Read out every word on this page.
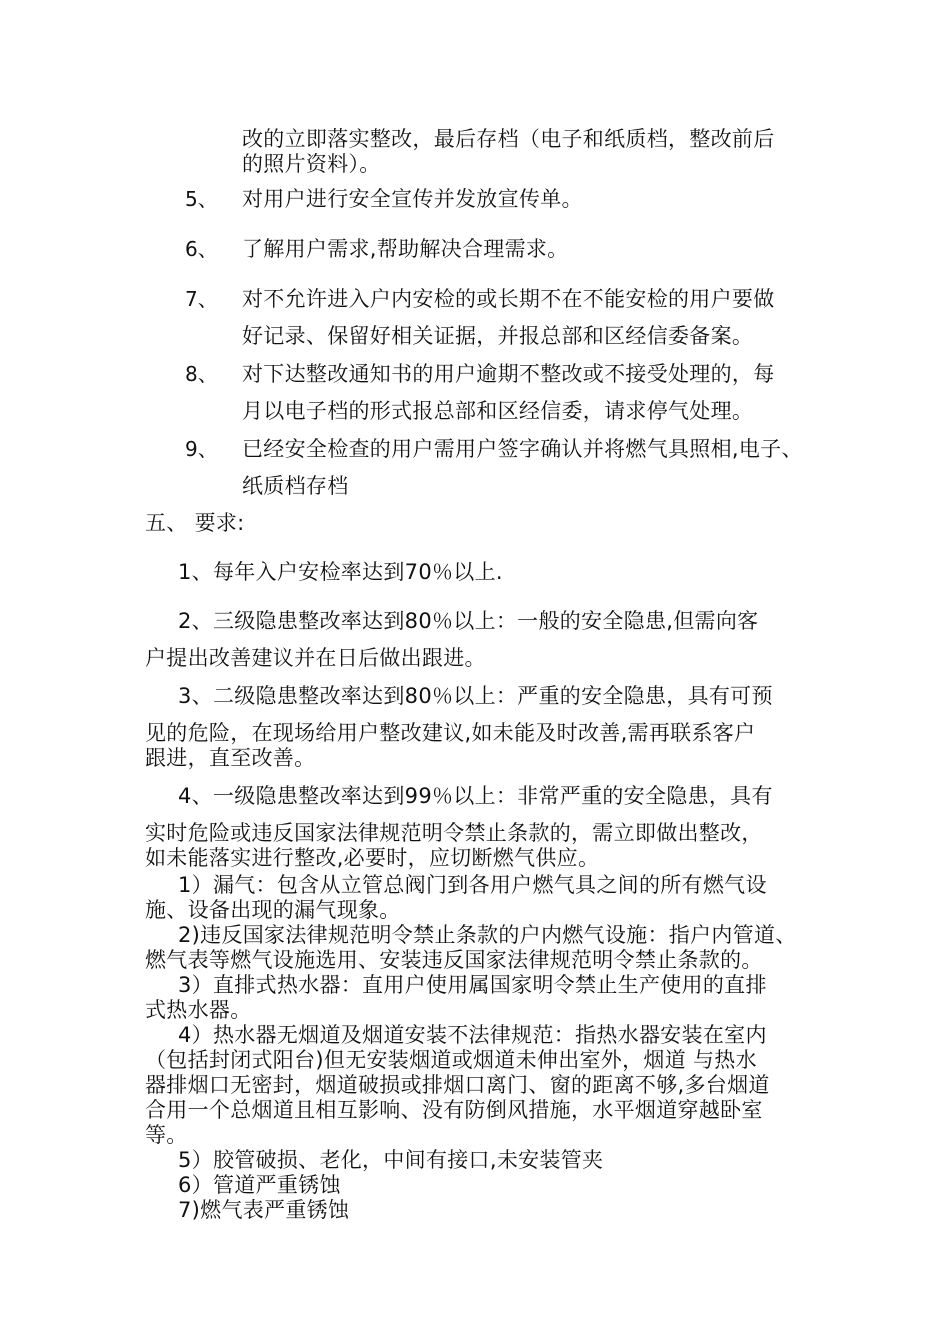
改的立即落实整改，最后存档（电子和纸质档，整改前后
的照片资料）。
5、 对用户进行安全宣传并发放宣传单。
6、 了解用户需求,帮助解决合理需求。
7、 对不允许进入户内安检的或长期不在不能安检的用户要做
好记录、保留好相关证据，并报总部和区经信委备案。
8、 对下达整改通知书的用户逾期不整改或不接受处理的，每
月以电子档的形式报总部和区经信委，请求停气处理。
9、 已经安全检查的用户需用户签字确认并将燃气具照相,电子、
纸质档存档
五、 要求:
1、每年入户安检率达到70％以上.
2、三级隐患整改率达到80％以上：一般的安全隐患,但需向客
户提出改善建议并在日后做出跟进。
3、二级隐患整改率达到80％以上：严重的安全隐患，具有可预
见的危险，在现场给用户整改建议,如未能及时改善,需再联系客户
跟进，直至改善。
4、一级隐患整改率达到99％以上：非常严重的安全隐患，具有
实时危险或违反国家法律规范明令禁止条款的，需立即做出整改，
如未能落实进行整改,必要时，应切断燃气供应。
1）漏气：包含从立管总阀门到各用户燃气具之间的所有燃气设
施、设备出现的漏气现象。
2)违反国家法律规范明令禁止条款的户内燃气设施：指户内管道、
燃气表等燃气设施选用、安装违反国家法律规范明令禁止条款的。
3）直排式热水器：直用户使用属国家明令禁止生产使用的直排
式热水器。
4）热水器无烟道及烟道安装不法律规范：指热水器安装在室内
（包括封闭式阳台)但无安装烟道或烟道未伸出室外，烟道 与热水
器排烟口无密封，烟道破损或排烟口离门、窗的距离不够,多台烟道
合用一个总烟道且相互影响、没有防倒风措施，水平烟道穿越卧室
等。
5）胶管破损、老化，中间有接口,未安装管夹
6）管道严重锈蚀
7)燃气表严重锈蚀
